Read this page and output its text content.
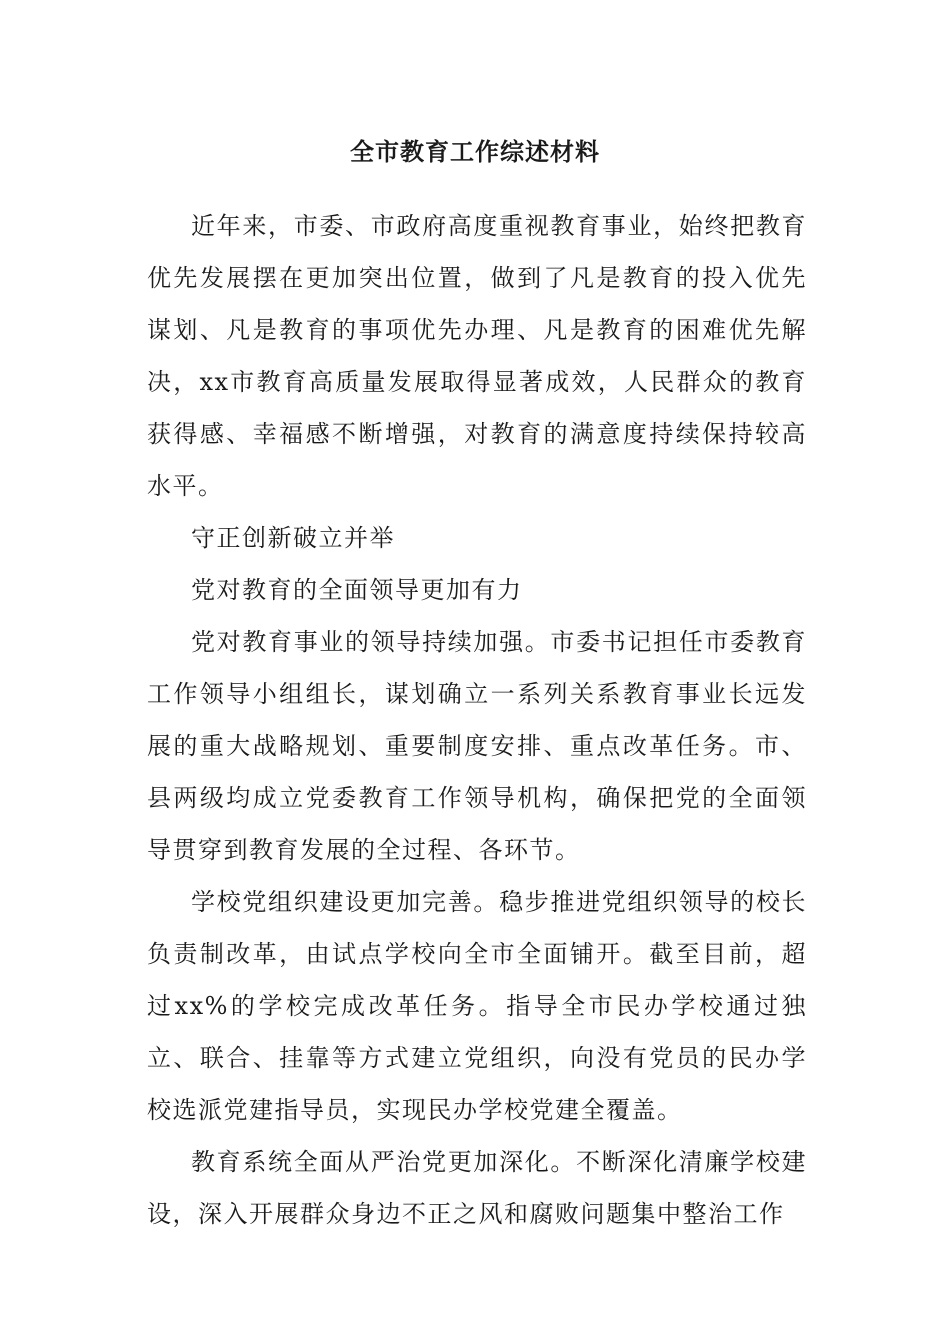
全市教育工作综述材料

近年来，市委、市政府高度重视教育事业，始终把教育优先发展摆在更加突出位置，做到了凡是教育的投入优先谋划、凡是教育的事项优先办理、凡是教育的困难优先解决，xx市教育高质量发展取得显著成效，人民群众的教育获得感、幸福感不断增强，对教育的满意度持续保持较高水平。

守正创新破立并举

党对教育的全面领导更加有力

党对教育事业的领导持续加强。市委书记担任市委教育工作领导小组组长，谋划确立一系列关系教育事业长远发展的重大战略规划、重要制度安排、重点改革任务。市、县两级均成立党委教育工作领导机构，确保把党的全面领导贯穿到教育发展的全过程、各环节。

学校党组织建设更加完善。稳步推进党组织领导的校长负责制改革，由试点学校向全市全面铺开。截至目前，超过xx%的学校完成改革任务。指导全市民办学校通过独立、联合、挂靠等方式建立党组织，向没有党员的民办学校选派党建指导员，实现民办学校党建全覆盖。

教育系统全面从严治党更加深化。不断深化清廉学校建设，深入开展群众身边不正之风和腐败问题集中整治工作
